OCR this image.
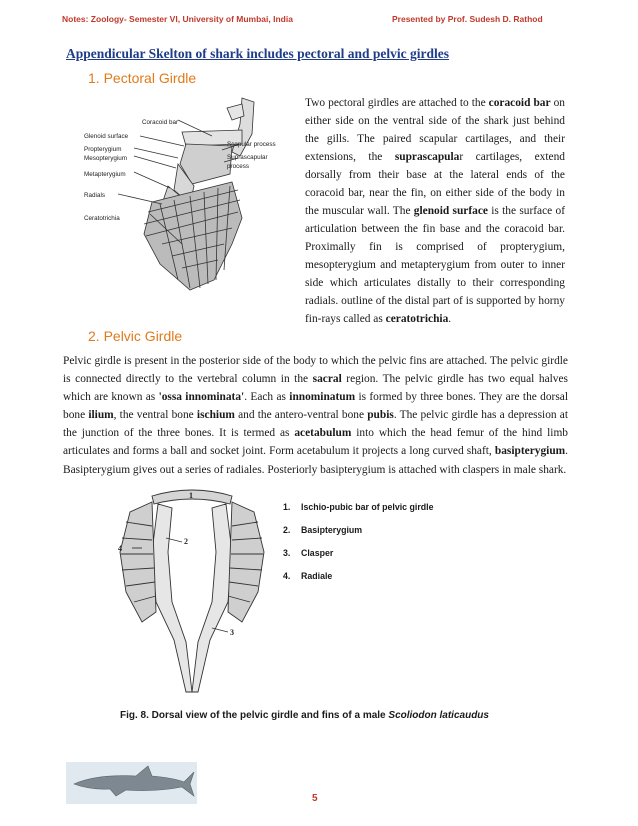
Notes: Zoology- Semester VI, University of Mumbai, India	Presented by Prof. Sudesh D. Rathod
Appendicular Skelton of shark includes pectoral and pelvic girdles
1. Pectoral Girdle
Coracoid bar
Glenoid surface
Propterygium
Mesopterygium
Metapterygium
Radials
Ceratotrichia
Scapular process
Suprascapular
process
Two pectoral girdles are attached to the coracoid bar on either side on the ventral side of the shark just behind the gills. The paired scapular cartilages, and their extensions, the suprascapular cartilages, extend dorsally from their base at the lateral ends of the coracoid bar, near the fin, on either side of the body in the muscular wall. The glenoid surface is the surface of articulation between the fin base and the coracoid bar. Proximally fin is comprised of propterygium, mesopterygium and metapterygium from outer to inner side which articulates distally to their corresponding radials. outline of the distal part of is supported by horny fin-rays called as ceratotrichia.
2. Pelvic Girdle
Pelvic girdle is present in the posterior side of the body to which the pelvic fins are attached. The pelvic girdle is connected directly to the vertebral column in the sacral region. The pelvic girdle has two equal halves which are known as 'ossa innominata'. Each as innominatum is formed by three bones. They are the dorsal bone ilium, the ventral bone ischium and the antero-ventral bone pubis. The pelvic girdle has a depression at the junction of the three bones. It is termed as acetabulum into which the head femur of the hind limb articulates and forms a ball and socket joint. Form acetabulum it projects a long curved shaft, basipterygium. Basipterygium gives out a series of radiales. Posteriorly basipterygium is attached with claspers in male shark.
1
2
3
4
1.	Ischio-pubic bar of pelvic girdle
2.	Basipterygium
3.	Clasper
4.	Radiale
Fig. 8. Dorsal view of the pelvic girdle and fins of a male Scoliodon laticaudus
5
